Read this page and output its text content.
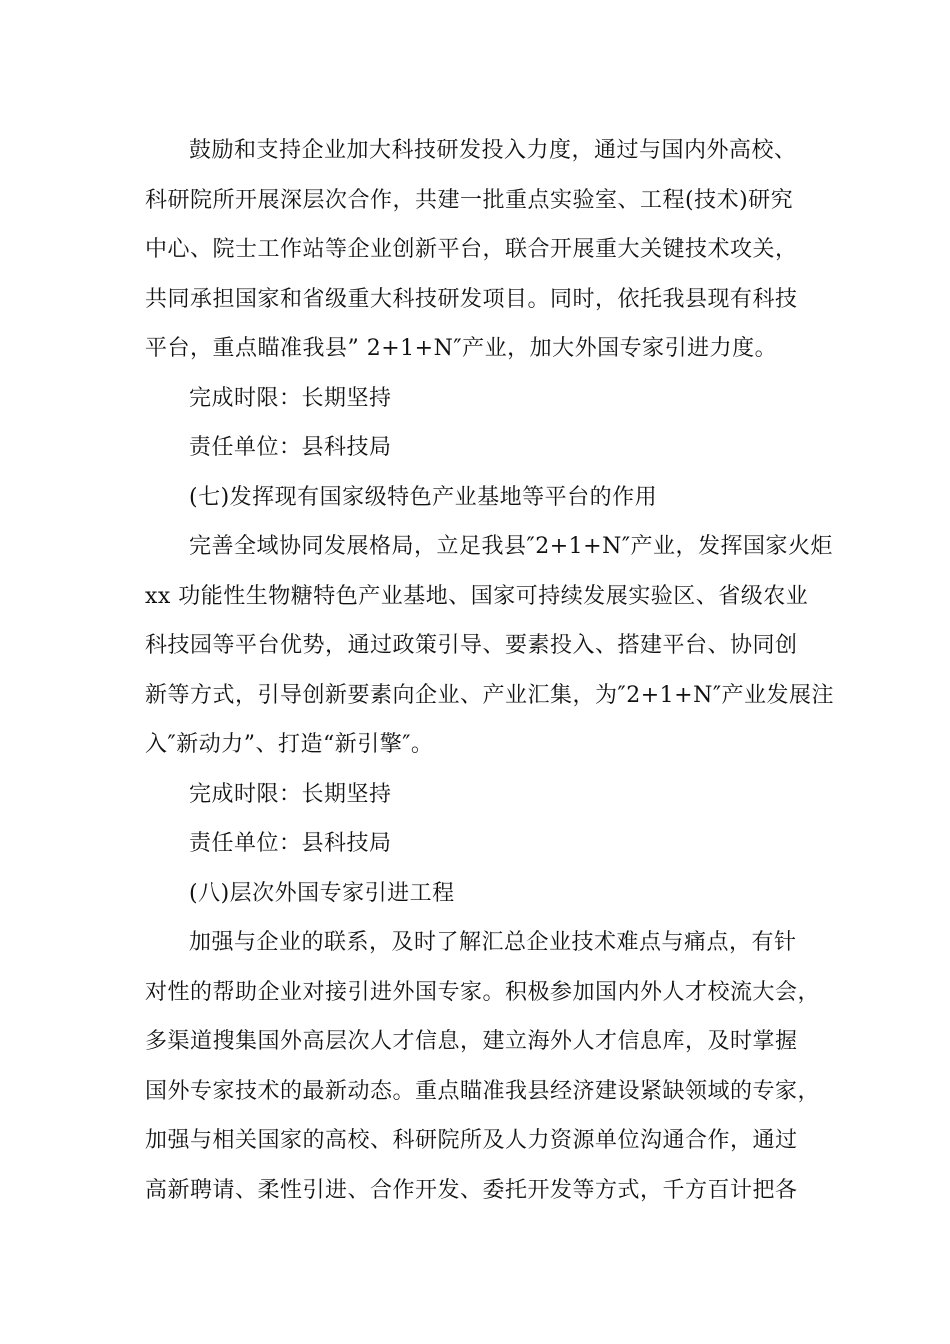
鼓励和支持企业加大科技研发投入力度，通过与国内外高校、
科研院所开展深层次合作，共建一批重点实验室、工程(技术)研究
中心、院士工作站等企业创新平台，联合开展重大关键技术攻关，
共同承担国家和省级重大科技研发项目。同时，依托我县现有科技
平台，重点瞄准我县” 2+1+N″产业，加大外国专家引进力度。
完成时限：长期坚持
责任单位：县科技局
(七)发挥现有国家级特色产业基地等平台的作用
完善全域协同发展格局，立足我县″2+1+N″产业，发挥国家火炬
xx 功能性生物糖特色产业基地、国家可持续发展实验区、省级农业
科技园等平台优势，通过政策引导、要素投入、搭建平台、协同创
新等方式，引导创新要素向企业、产业汇集，为″2+1+N″产业发展注
入″新动力”、打造“新引擎″。
完成时限：长期坚持
责任单位：县科技局
(八)层次外国专家引进工程
加强与企业的联系，及时了解汇总企业技术难点与痛点，有针
对性的帮助企业对接引进外国专家。积极参加国内外人才校流大会，
多渠道搜集国外高层次人才信息，建立海外人才信息库，及时掌握
国外专家技术的最新动态。重点瞄准我县经济建设紧缺领域的专家，
加强与相关国家的高校、科研院所及人力资源单位沟通合作，通过
高新聘请、柔性引进、合作开发、委托开发等方式，千方百计把各
